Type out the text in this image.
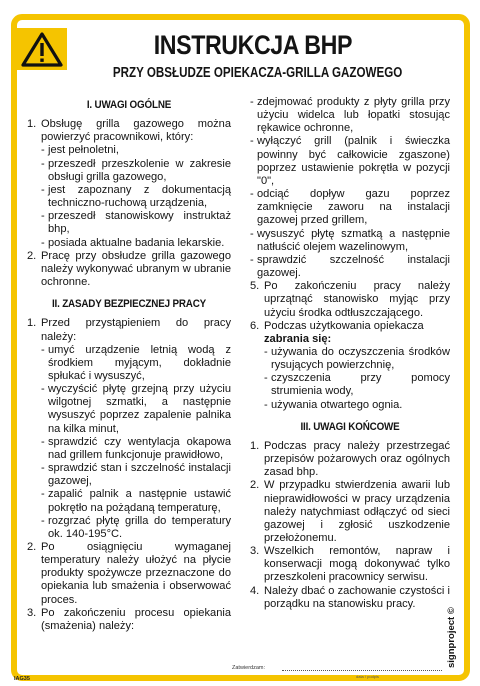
INSTRUKCJA BHP
PRZY OBSŁUDZE OPIEKACZA-GRILLA GAZOWEGO
I. UWAGI OGÓLNE
1. Obsługę grilla gazowego można powierzyć pracownikowi, który:
- jest pełnoletni,
- przeszedł przeszkolenie w zakresie obsługi grilla gazowego,
- jest zapoznany z dokumentacją techniczno-ruchową urządzenia,
- przeszedł stanowiskowy instruktaż bhp,
- posiada aktualne badania lekarskie.
2. Pracę przy obsłudze grilla gazowego należy wykonywać ubranym w ubranie ochronne.
II. ZASADY BEZPIECZNEJ PRACY
1. Przed przystąpieniem do pracy należy:
- umyć urządzenie letnią wodą z środkiem myjącym, dokładnie spłukać i wysuszyć,
- wyczyścić płytę grzejną przy użyciu wilgotnej szmatki, a następnie wysuszyć poprzez zapalenie palnika na kilka minut,
- sprawdzić czy wentylacja okapowa nad grillem funkcjonuje prawidłowo,
- sprawdzić stan i szczelność instalacji gazowej,
- zapalić palnik a następnie ustawić pokrętło na pożądaną temperaturę,
- rozgrzać płytę grilla do temperatury ok. 140-195°C.
2. Po osiągnięciu wymaganej temperatury należy ułożyć na płycie produkty spożywcze przeznaczone do opiekania lub smażenia i obserwować proces.
3. Po zakończeniu procesu opiekania (smażenia) należy:
- zdejmować produkty z płyty grilla przy użyciu widelca lub łopatki stosując rękawice ochronne,
- wyłączyć grill (palnik i świeczka powinny być całkowicie zgaszone) poprzez ustawienie pokrętła w pozycji "0",
- odciąć dopływ gazu poprzez zamknięcie zaworu na instalacji gazowej przed grillem,
- wysuszyć płytę szmatką a następnie natłuścić olejem wazelinowym,
- sprawdzić szczelność instalacji gazowej.
5. Po zakończeniu pracy należy uprzątnąć stanowisko myjąc przy użyciu środka odtłuszczającego.
6. Podczas użytkowania opiekacza
zabrania się:
- używania do oczyszczenia środków rysujących powierzchnię,
- czyszczenia przy pomocy strumienia wody,
- używania otwartego ognia.
III. UWAGI KOŃCOWE
1. Podczas pracy należy przestrzegać przepisów pożarowych oraz ogólnych zasad bhp.
2. W przypadku stwierdzenia awarii lub nieprawidłowości w pracy urządzenia należy natychmiast odłączyć od sieci gazowej i zgłosić uszkodzenie przełożonemu.
3. Wszelkich remontów, napraw i konserwacji mogą dokonywać tylko przeszkoleni pracownicy serwisu.
4. Należy dbać o zachowanie czystości i porządku na stanowisku pracy.
Zatwierdzam:
data / podpis
IAG35
signproject ©
